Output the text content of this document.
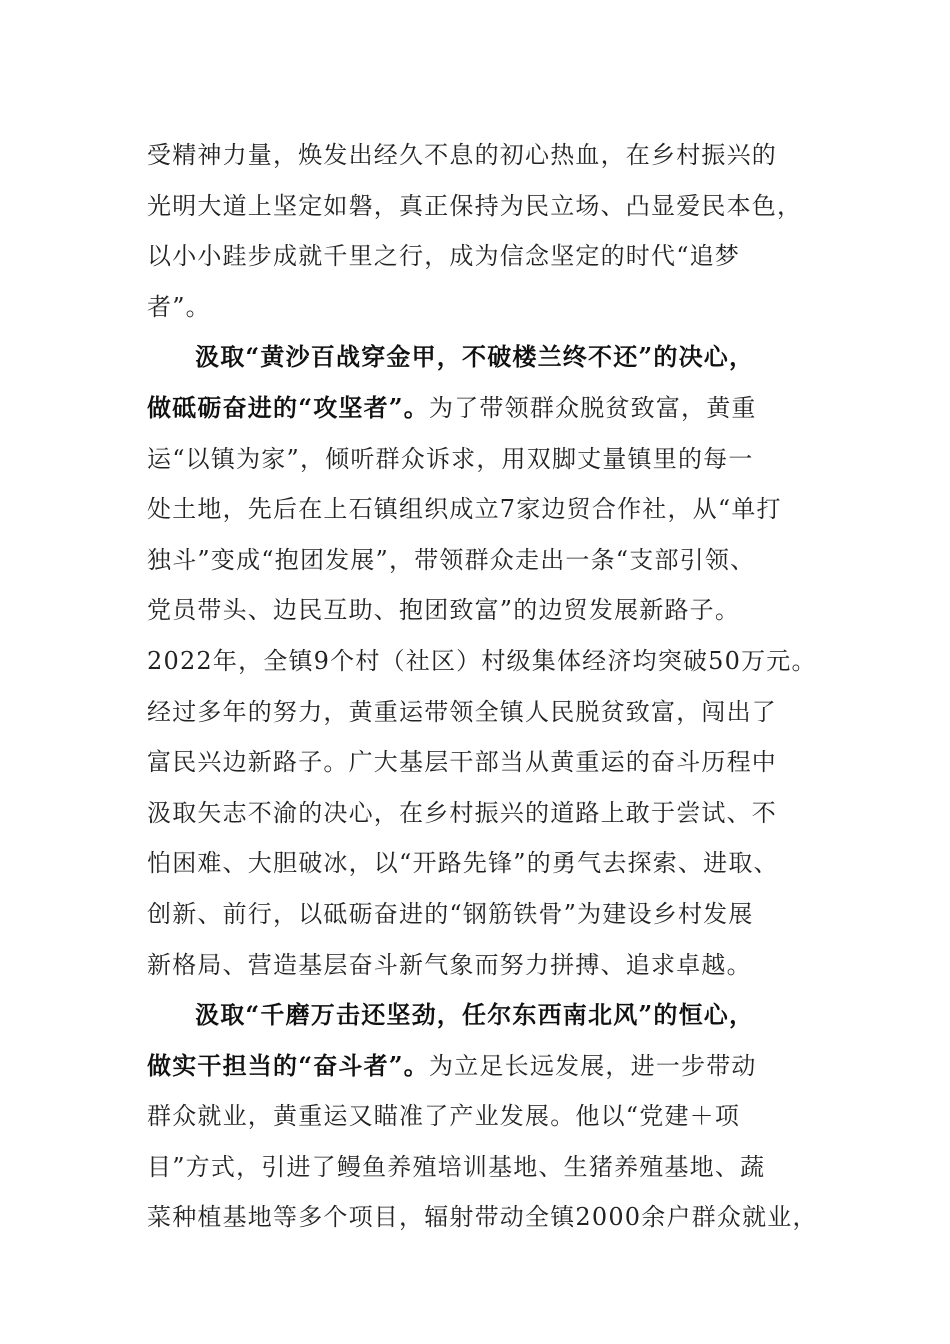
受精神力量，焕发出经久不息的初心热血，在乡村振兴的
光明大道上坚定如磐，真正保持为民立场、凸显爱民本色，
以小小跬步成就千里之行，成为信念坚定的时代“追梦
者”。
汲取“黄沙百战穿金甲，不破楼兰终不还”的决心，
做砥砺奋进的“攻坚者”。为了带领群众脱贫致富，黄重
运“以镇为家”，倾听群众诉求，用双脚丈量镇里的每一
处土地，先后在上石镇组织成立7家边贸合作社，从“单打
独斗”变成“抱团发展”，带领群众走出一条“支部引领、
党员带头、边民互助、抱团致富”的边贸发展新路子。
2022年，全镇9个村（社区）村级集体经济均突破50万元。
经过多年的努力，黄重运带领全镇人民脱贫致富，闯出了
富民兴边新路子。广大基层干部当从黄重运的奋斗历程中
汲取矢志不渝的决心，在乡村振兴的道路上敢于尝试、不
怕困难、大胆破冰，以“开路先锋”的勇气去探索、进取、
创新、前行，以砥砺奋进的“钢筋铁骨”为建设乡村发展
新格局、营造基层奋斗新气象而努力拼搏、追求卓越。
汲取“千磨万击还坚劲，任尔东西南北风”的恒心，
做实干担当的“奋斗者”。为立足长远发展，进一步带动
群众就业，黄重运又瞄准了产业发展。他以“党建＋项
目”方式，引进了鳗鱼养殖培训基地、生猪养殖基地、蔬
菜种植基地等多个项目，辐射带动全镇2000余户群众就业，
